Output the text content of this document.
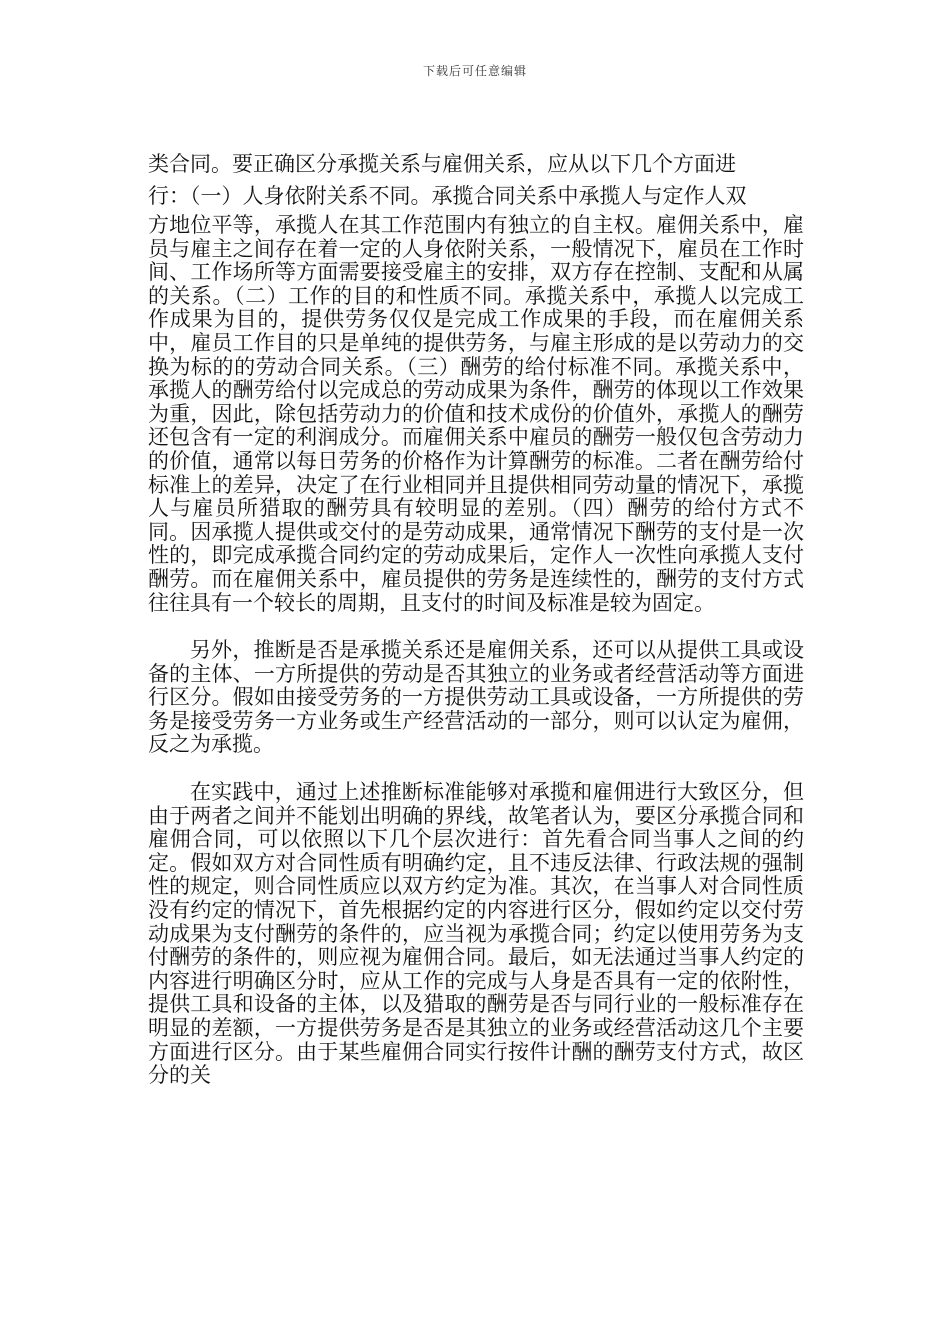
下载后可任意编辑

类合同。要正确区分承揽关系与雇佣关系，应从以下几个方面进

行：（一）人身依附关系不同。承揽合同关系中承揽人与定作人双

方地位平等，承揽人在其工作范围内有独立的自主权。雇佣关系中，雇员与雇主之间存在着一定的人身依附关系，一般情况下，雇员在工作时间、工作场所等方面需要接受雇主的安排，双方存在控制、支配和从属的关系。（二）工作的目的和性质不同。承揽关系中，承揽人以完成工作成果为目的，提供劳务仅仅是完成工作成果的手段，而在雇佣关系中，雇员工作目的只是单纯的提供劳务，与雇主形成的是以劳动力的交换为标的的劳动合同关系。（三）酬劳的给付标准不同。承揽关系中，承揽人的酬劳给付以完成总的劳动成果为条件，酬劳的体现以工作效果为重，因此，除包括劳动力的价值和技术成份的价值外，承揽人的酬劳还包含有一定的利润成分。而雇佣关系中雇员的酬劳一般仅包含劳动力的价值，通常以每日劳务的价格作为计算酬劳的标准。二者在酬劳给付标准上的差异，决定了在行业相同并且提供相同劳动量的情况下，承揽人与雇员所猎取的酬劳具有较明显的差别。（四）酬劳的给付方式不同。因承揽人提供或交付的是劳动成果，通常情况下酬劳的支付是一次性的，即完成承揽合同约定的劳动成果后，定作人一次性向承揽人支付酬劳。而在雇佣关系中，雇员提供的劳务是连续性的，酬劳的支付方式往往具有一个较长的周期，且支付的时间及标准是较为固定。

另外，推断是否是承揽关系还是雇佣关系，还可以从提供工具或设备的主体、一方所提供的劳动是否其独立的业务或者经营活动等方面进行区分。假如由接受劳务的一方提供劳动工具或设备，一方所提供的劳务是接受劳务一方业务或生产经营活动的一部分，则可以认定为雇佣，反之为承揽。

在实践中，通过上述推断标准能够对承揽和雇佣进行大致区分，但由于两者之间并不能划出明确的界线，故笔者认为，要区分承揽合同和雇佣合同，可以依照以下几个层次进行：首先看合同当事人之间的约定。假如双方对合同性质有明确约定，且不违反法律、行政法规的强制性的规定，则合同性质应以双方约定为准。其次，在当事人对合同性质没有约定的情况下，首先根据约定的内容进行区分，假如约定以交付劳动成果为支付酬劳的条件的，应当视为承揽合同；约定以使用劳务为支付酬劳的条件的，则应视为雇佣合同。最后，如无法通过当事人约定的内容进行明确区分时，应从工作的完成与人身是否具有一定的依附性，提供工具和设备的主体，以及猎取的酬劳是否与同行业的一般标准存在明显的差额，一方提供劳务是否是其独立的业务或经营活动这几个主要方面进行区分。由于某些雇佣合同实行按件计酬的酬劳支付方式，故区分的关
